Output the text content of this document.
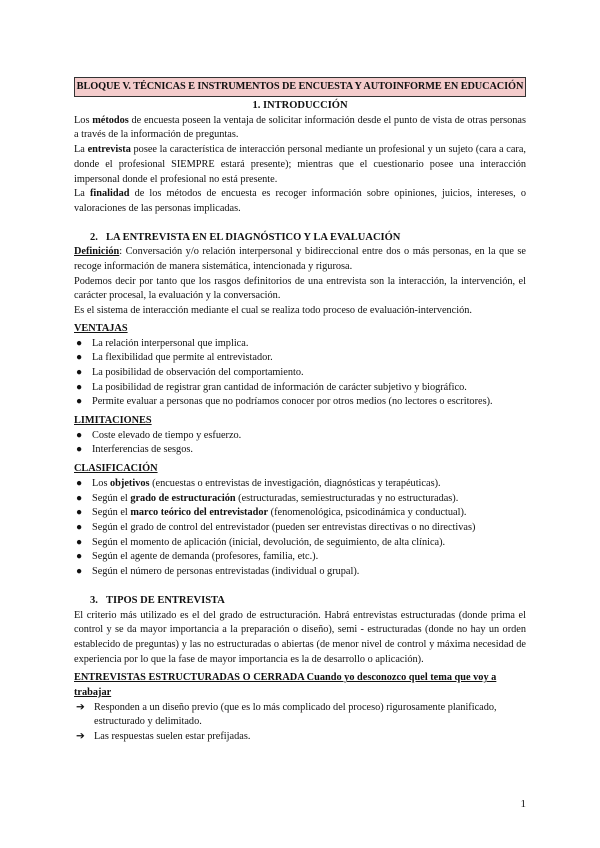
BLOQUE V. TÉCNICAS E INSTRUMENTOS DE ENCUESTA Y AUTOINFORME EN EDUCACIÓN
1. INTRODUCCIÓN

Los métodos de encuesta poseen la ventaja de solicitar información desde el punto de vista de otras personas a través de la información de preguntas.

La entrevista posee la característica de interacción personal mediante un profesional y un sujeto (cara a cara, donde el profesional SIEMPRE estará presente); mientras que el cuestionario posee una interacción impersonal donde el profesional no está presente.

La finalidad de los métodos de encuesta es recoger información sobre opiniones, juicios, intereses, o valoraciones de las personas implicadas.

2. LA ENTREVISTA EN EL DIAGNÓSTICO Y LA EVALUACIÓN

Definición: Conversación y/o relación interpersonal y bidireccional entre dos o más personas, en la que se recoge información de manera sistemática, intencionada y rigurosa.

Podemos decir por tanto que los rasgos definitorios de una entrevista son la interacción, la intervención, el carácter procesal, la evaluación y la conversación.

Es el sistema de interacción mediante el cual se realiza todo proceso de evaluación-intervención.

VENTAJAS
● La relación interpersonal que implica.
● La flexibilidad que permite al entrevistador.
● La posibilidad de observación del comportamiento.
● La posibilidad de registrar gran cantidad de información de carácter subjetivo y biográfico.
● Permite evaluar a personas que no podríamos conocer por otros medios (no lectores o escritores).
LIMITACIONES
● Coste elevado de tiempo y esfuerzo.
● Interferencias de sesgos.
CLASIFICACIÓN
● Los objetivos (encuestas o entrevistas de investigación, diagnósticas y terapéuticas).
● Según el grado de estructuración (estructuradas, semiestructuradas y no estructuradas).
● Según el marco teórico del entrevistador (fenomenológica, psicodinámica y conductual).
● Según el grado de control del entrevistador (pueden ser entrevistas directivas o no directivas)
● Según el momento de aplicación (inicial, devolución, de seguimiento, de alta clínica).
● Según el agente de demanda (profesores, familia, etc.).
● Según el número de personas entrevistadas (individual o grupal).
3. TIPOS DE ENTREVISTA

El criterio más utilizado es el del grado de estructuración. Habrá entrevistas estructuradas (donde prima el control y se da mayor importancia a la preparación o diseño), semi - estructuradas (donde no hay un orden establecido de preguntas) y las no estructuradas o abiertas (de menor nivel de control y máxima necesidad de experiencia por lo que la fase de mayor importancia es la de desarrollo o aplicación).

ENTREVISTAS ESTRUCTURADAS O CERRADA Cuando yo desconozco quel tema que voy a trabajar
➔ Responden a un diseño previo (que es lo más complicado del proceso) rigurosamente planificado, estructurado y delimitado.
➔ Las respuestas suelen estar prefijadas.
1
